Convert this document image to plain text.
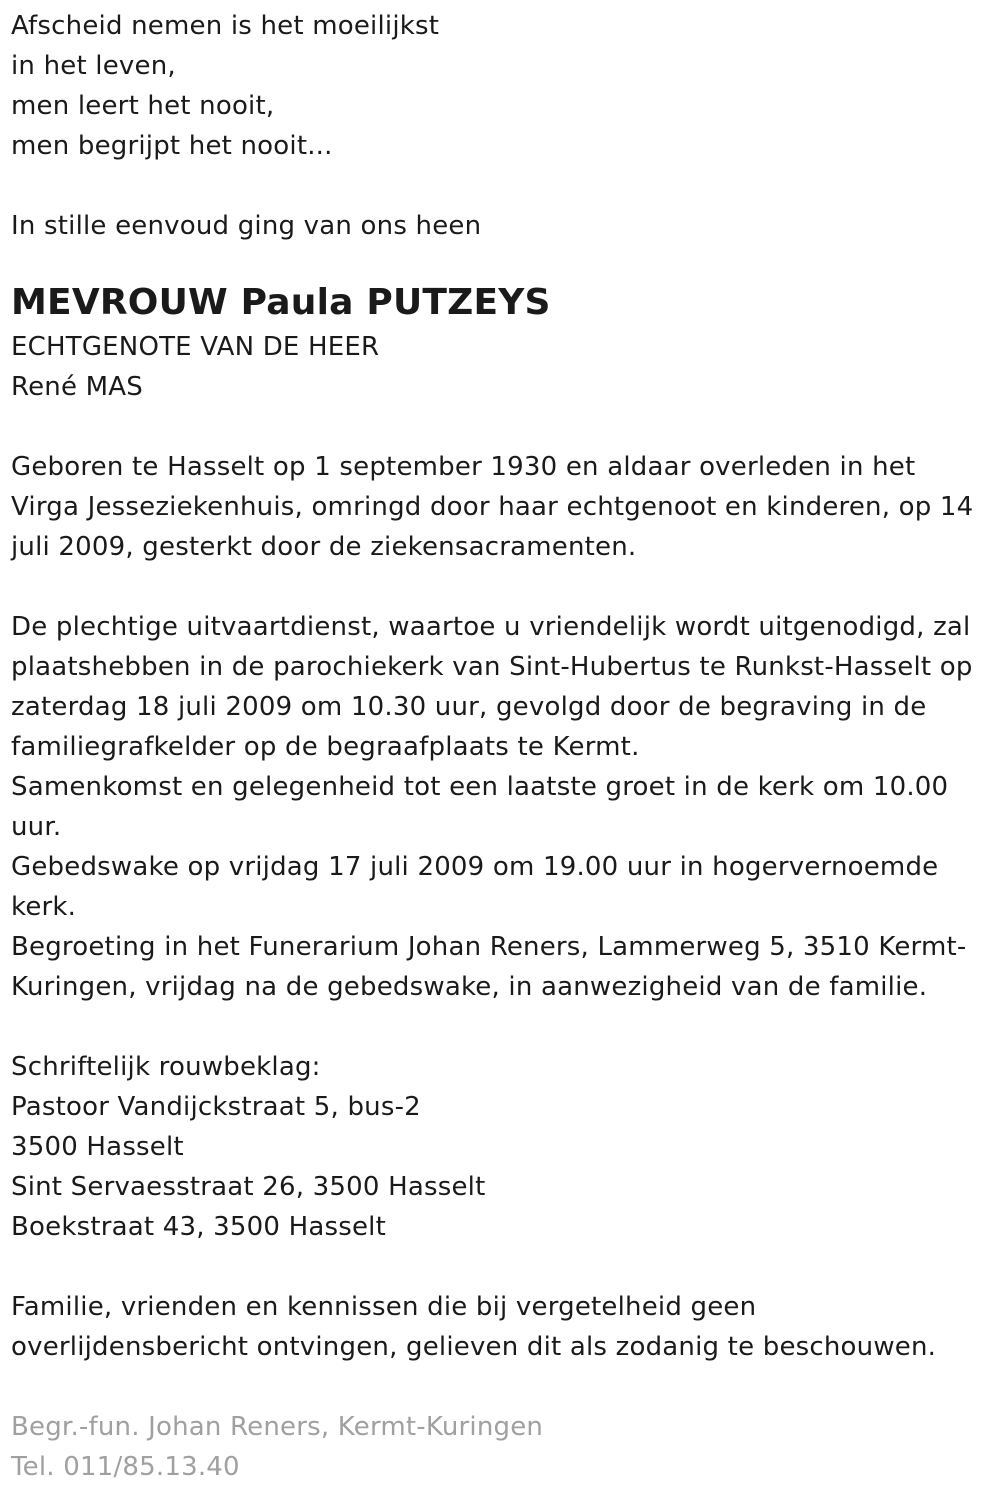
Afscheid nemen is het moeilijkst
in het leven,
men leert het nooit,
men begrijpt het nooit...
In stille eenvoud ging van ons heen
MEVROUW Paula PUTZEYS
ECHTGENOTE VAN DE HEER
René MAS
Geboren te Hasselt op 1 september 1930 en aldaar overleden in het
Virga Jesseziekenhuis, omringd door haar echtgenoot en kinderen, op 14
juli 2009, gesterkt door de ziekensacramenten.
De plechtige uitvaartdienst, waartoe u vriendelijk wordt uitgenodigd, zal
plaatshebben in de parochiekerk van Sint-Hubertus te Runkst-Hasselt op
zaterdag 18 juli 2009 om 10.30 uur, gevolgd door de begraving in de
familiegrafkelder op de begraafplaats te Kermt.
Samenkomst en gelegenheid tot een laatste groet in de kerk om 10.00
uur.
Gebedswake op vrijdag 17 juli 2009 om 19.00 uur in hogervernoemde
kerk.
Begroeting in het Funerarium Johan Reners, Lammerweg 5, 3510 Kermt-
Kuringen, vrijdag na de gebedswake, in aanwezigheid van de familie.
Schriftelijk rouwbeklag:
Pastoor Vandijckstraat 5, bus-2
3500 Hasselt
Sint Servaesstraat 26, 3500 Hasselt
Boekstraat 43, 3500 Hasselt
Familie, vrienden en kennissen die bij vergetelheid geen
overlijdensbericht ontvingen, gelieven dit als zodanig te beschouwen.
Begr.-fun. Johan Reners, Kermt-Kuringen
Tel. 011/85.13.40
